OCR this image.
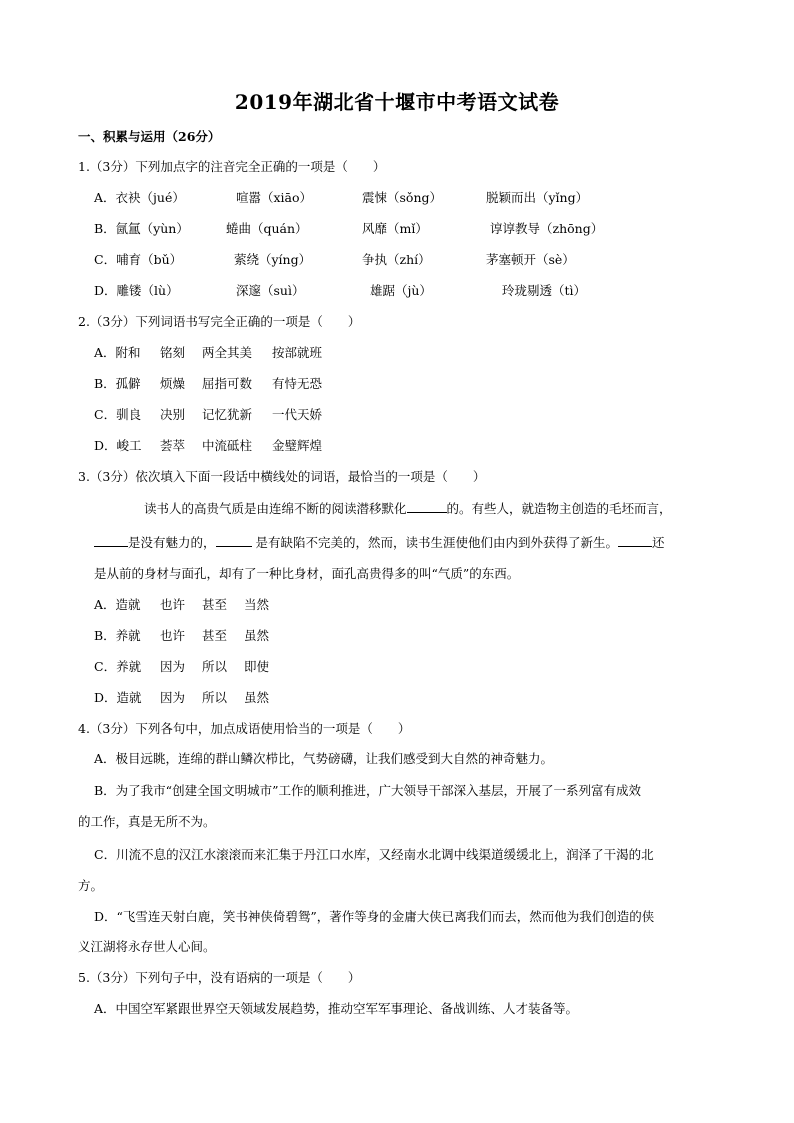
2019年湖北省十堰市中考语文试卷
一、积累与运用（26分）
1.（3分）下列加点字的注音完全正确的一项是（　　）
A．衣袂（jué）	喧嚣（xiāo）	震悚（sǒng）	脱颖而出（yǐng）
B．氤氲（yùn）	蜷曲（quán）	风靡（mǐ）	谆谆教导（zhōng）
C．哺育（bǔ）	萦绕（yíng）	争执（zhí）	茅塞顿开（sè）
D．雕镂（lù）	深邃（suì）	雄踞（jù）	玲珑剔透（tì）
2.（3分）下列词语书写完全正确的一项是（　　）
A．附和 铭刻 两全其美 按部就班
B．孤僻 烦燥 屈指可数 有恃无恐
C．驯良 决别 记忆犹新 一代天娇
D．峻工 荟萃 中流砥柱 金璧辉煌
3.（3分）依次填入下面一段话中横线处的词语，最恰当的一项是（　　）
读书人的高贵气质是由连绵不断的阅读潜移默化	的。有些人，就造物主创造的毛坯而言，
是没有魅力的，	是有缺陷不完美的，然而，读书生涯使他们由内到外获得了新生。	还
是从前的身材与面孔，却有了一种比身材，面孔高贵得多的叫“气质”的东西。
A．造就 也许 甚至 当然
B．养就 也许 甚至 虽然
C．养就 因为 所以 即使
D．造就 因为 所以 虽然
4.（3分）下列各句中，加点成语使用恰当的一项是（　　）
A．极目远眺，连绵的群山鳞次栉比，气势磅礴，让我们感受到大自然的神奇魅力。
B．为了我市“创建全国文明城市”工作的顺利推进，广大领导干部深入基层，开展了一系列富有成效
的工作，真是无所不为。
C．川流不息的汉江水滚滚而来汇集于丹江口水库，又经南水北调中线渠道缓缓北上，润泽了干渴的北
方。
D．“飞雪连天射白鹿，笑书神侠倚碧鸳”，著作等身的金庸大侠已离我们而去，然而他为我们创造的侠
义江湖将永存世人心间。
5.（3分）下列句子中，没有语病的一项是（　　）
A．中国空军紧跟世界空天领域发展趋势，推动空军军事理论、备战训练、人才装备等。
